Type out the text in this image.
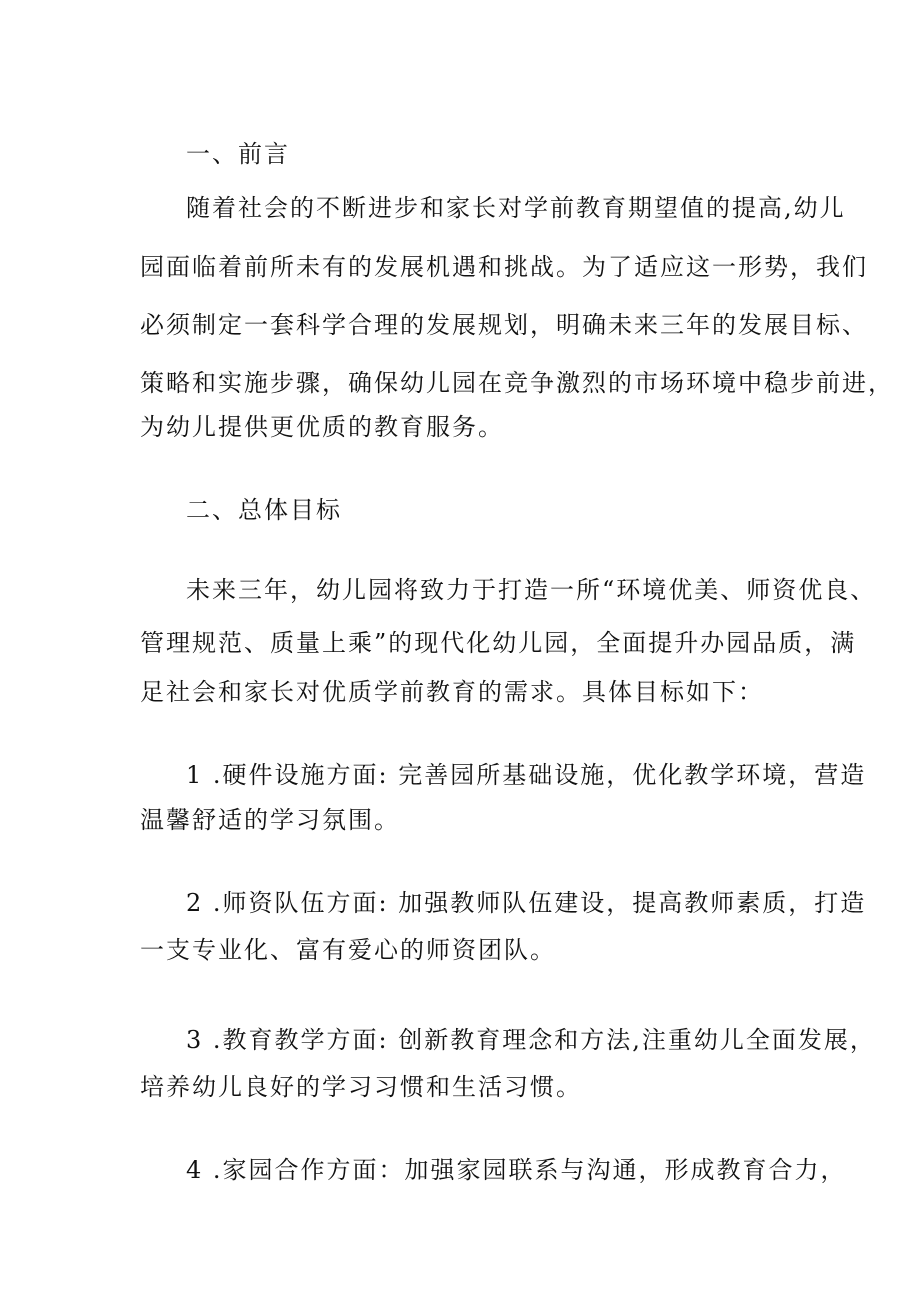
一、前言

随着社会的不断进步和家长对学前教育期望值的提高,幼儿

园面临着前所未有的发展机遇和挑战。为了适应这一形势，我们

必须制定一套科学合理的发展规划，明确未来三年的发展目标、

策略和实施步骤，确保幼儿园在竞争激烈的市场环境中稳步前进，

为幼儿提供更优质的教育服务。

二、总体目标

未来三年，幼儿园将致力于打造一所“环境优美、师资优良、

管理规范、质量上乘”的现代化幼儿园，全面提升办园品质，满

足社会和家长对优质学前教育的需求。具体目标如下：

1 .硬件设施方面: 完善园所基础设施，优化教学环境，营造

温馨舒适的学习氛围。

2 .师资队伍方面: 加强教师队伍建设，提高教师素质，打造

一支专业化、富有爱心的师资团队。

3 .教育教学方面: 创新教育理念和方法,注重幼儿全面发展，

培养幼儿良好的学习习惯和生活习惯。

4 .家园合作方面：加强家园联系与沟通，形成教育合力，
